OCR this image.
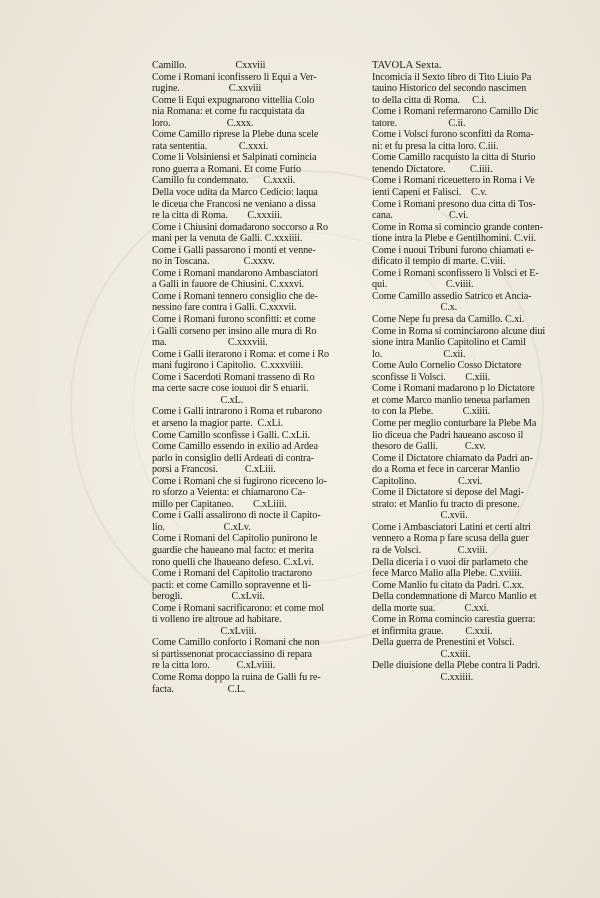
Camillo.                    Cxxviii
Come i Romani iconfissero li Equi a Ver-
rugine.                    C.xxviii
Come li Equi expugnarono vittellia Colo
nia Romana: et come fu racquistata da
loro.                       C.xxx.
Come Camillo riprese la Plebe duna scele
rata sententia.             C.xxxi.
Come li Volsiniensi et Salpinati comincia
rono guerra a Romani. Et come Furio
Camillo fu condemnato.      C.xxxii.
Della voce udita da Marco Cedicio: laqua
le diceua che Francosi ne veniano a dissa
re la citta di Roma.        C.xxxiii.
Come i Chiusini domadarono soccorso a Ro
mani per la venuta de Galli. C.xxxiiii.
Come i Galli passarono i monti et venne-
no in Toscana.              C.xxxv.
Come i Romani mandarono Ambasciatori
a Galli in fauore de Chiusini. C.xxxvi.
Come i Romani tennero consiglio che de-
nessino fare contra i Galli. C.xxxvii.
Come i Romani furono sconfitti: et come
i Galli corseno per insino alle mura di Ro
ma.                         C.xxxviii.
Come i Galli iterarono i Roma: et come i Ro
mani fugirono i Capitolio.  C.xxxviiii.
Come i Sacerdoti Romani trasseno di Ro
ma certe sacre cose iouuoi dir S etuarii.
C.xL.
Come i Galli intrarono i Roma et rubarono
et arseno la magior parte.  C.xLi.
Come Camillo sconfisse i Galli. C.xLii.
Come Camillo essendo in exilio ad Ardea
parlo in consiglio delli Ardeati di contra-
porsi a Francosi.           C.xLiii.
Come i Romani che si fugirono riceceno lo-
ro sforzo a Veienta: et chiamarono Ca-
millo per Capitaneo.        C.xLiiii.
Come i Galli assalirono di nocte il Capito-
lio.                        C.xLv.
Come i Romani del Capitolio punirono le
guardie che haueano mal facto: et merita
rono quelli che lhaueano defeso. C.xLvi.
Come i Romani del Capitolio tractarono
pacti: et come Camillo sopravenne et li-
berogli.                    C.xLvii.
Come i Romani sacrificarono: et come mol
ti volleno ire altroue ad habitare.
C.xLviii.
Come Camillo conforto i Romani che non
si partissenonat procacciassino di repara
re la citta loro.           C.xLviiii.
Come Roma doppo la ruina de Galli fu re-
facta.                      C.L.
TAVOLA Sexta.
Incomicia il Sexto libro di Tito Liuio Pa
tauino Historico del secondo nascimen
to della citta di Roma.     C.i.
Come i Romani refermarono Camillo Dic
tatore.                     C.ii.
Come i Volsci furono sconfitti da Roma-
ni: et fu presa la citta loro. C.iii.
Come Camillo racquisto la citta di Sturio
tenendo Dictatore.          C.iiii.
Come i Romani riceuettero in Roma i Ve
ienti Capeni et Falisci.    C.v.
Come i Romani presono dua citta di Tos-
cana.                       C.vi.
Come in Roma si comincio grande conten-
tione intra la Plebe e Gentilhomini. C.vii.
Come i nuoui Tribuni furono chiamati e-
dificato il tempio di marte. C.viii.
Come i Romani sconfissero li Volsci et E-
qui.                        C.viiii.
Come Camillo assedio Satrico et Ancia-
C.x.
Come Nepe fu presa da Camillo. C.xi.
Come in Roma si cominciarono alcune diui
sione intra Manlio Capitolino et Camil
lo.                         C.xii.
Come Aulo Cornelio Cosso Dictatore
sconfisse li Volsci.        C.xiii.
Come i Romani madarono p lo Dictatore
et come Marco manlio teneua parlamen
to con la Plebe.            C.xiiii.
Come per meglio conturbare la Plebe Ma
lio diceua che Padri haueano ascoso il
thesoro de Galli.           C.xv.
Come il Dictatore chiamato da Padri an-
do a Roma et fece in carcerar Manlio
Capitolino.                 C.xvi.
Come il Dictatore si depose del Magi-
strato: et Manlio fu tracto di presone.
C.xvii.
Come i Ambasciatori Latini et certi altri
vennero a Roma p fare scusa della guer
ra de Volsci.               C.xviii.
Della diceria i o vuoi dir parlameto che
fece Marco Malio alla Plebe. C.xviiii.
Come Manlio fu citato da Padri. C.xx.
Della condemnatione di Marco Manlio et
della morte sua.            C.xxi.
Come in Roma comincio carestia guerra:
et infirmita graue.         C.xxii.
Della guerra de Prenestini et Volsci.
C.xxiii.
Delle diuisione della Plebe contra li Padri.
C.xxiiii.
